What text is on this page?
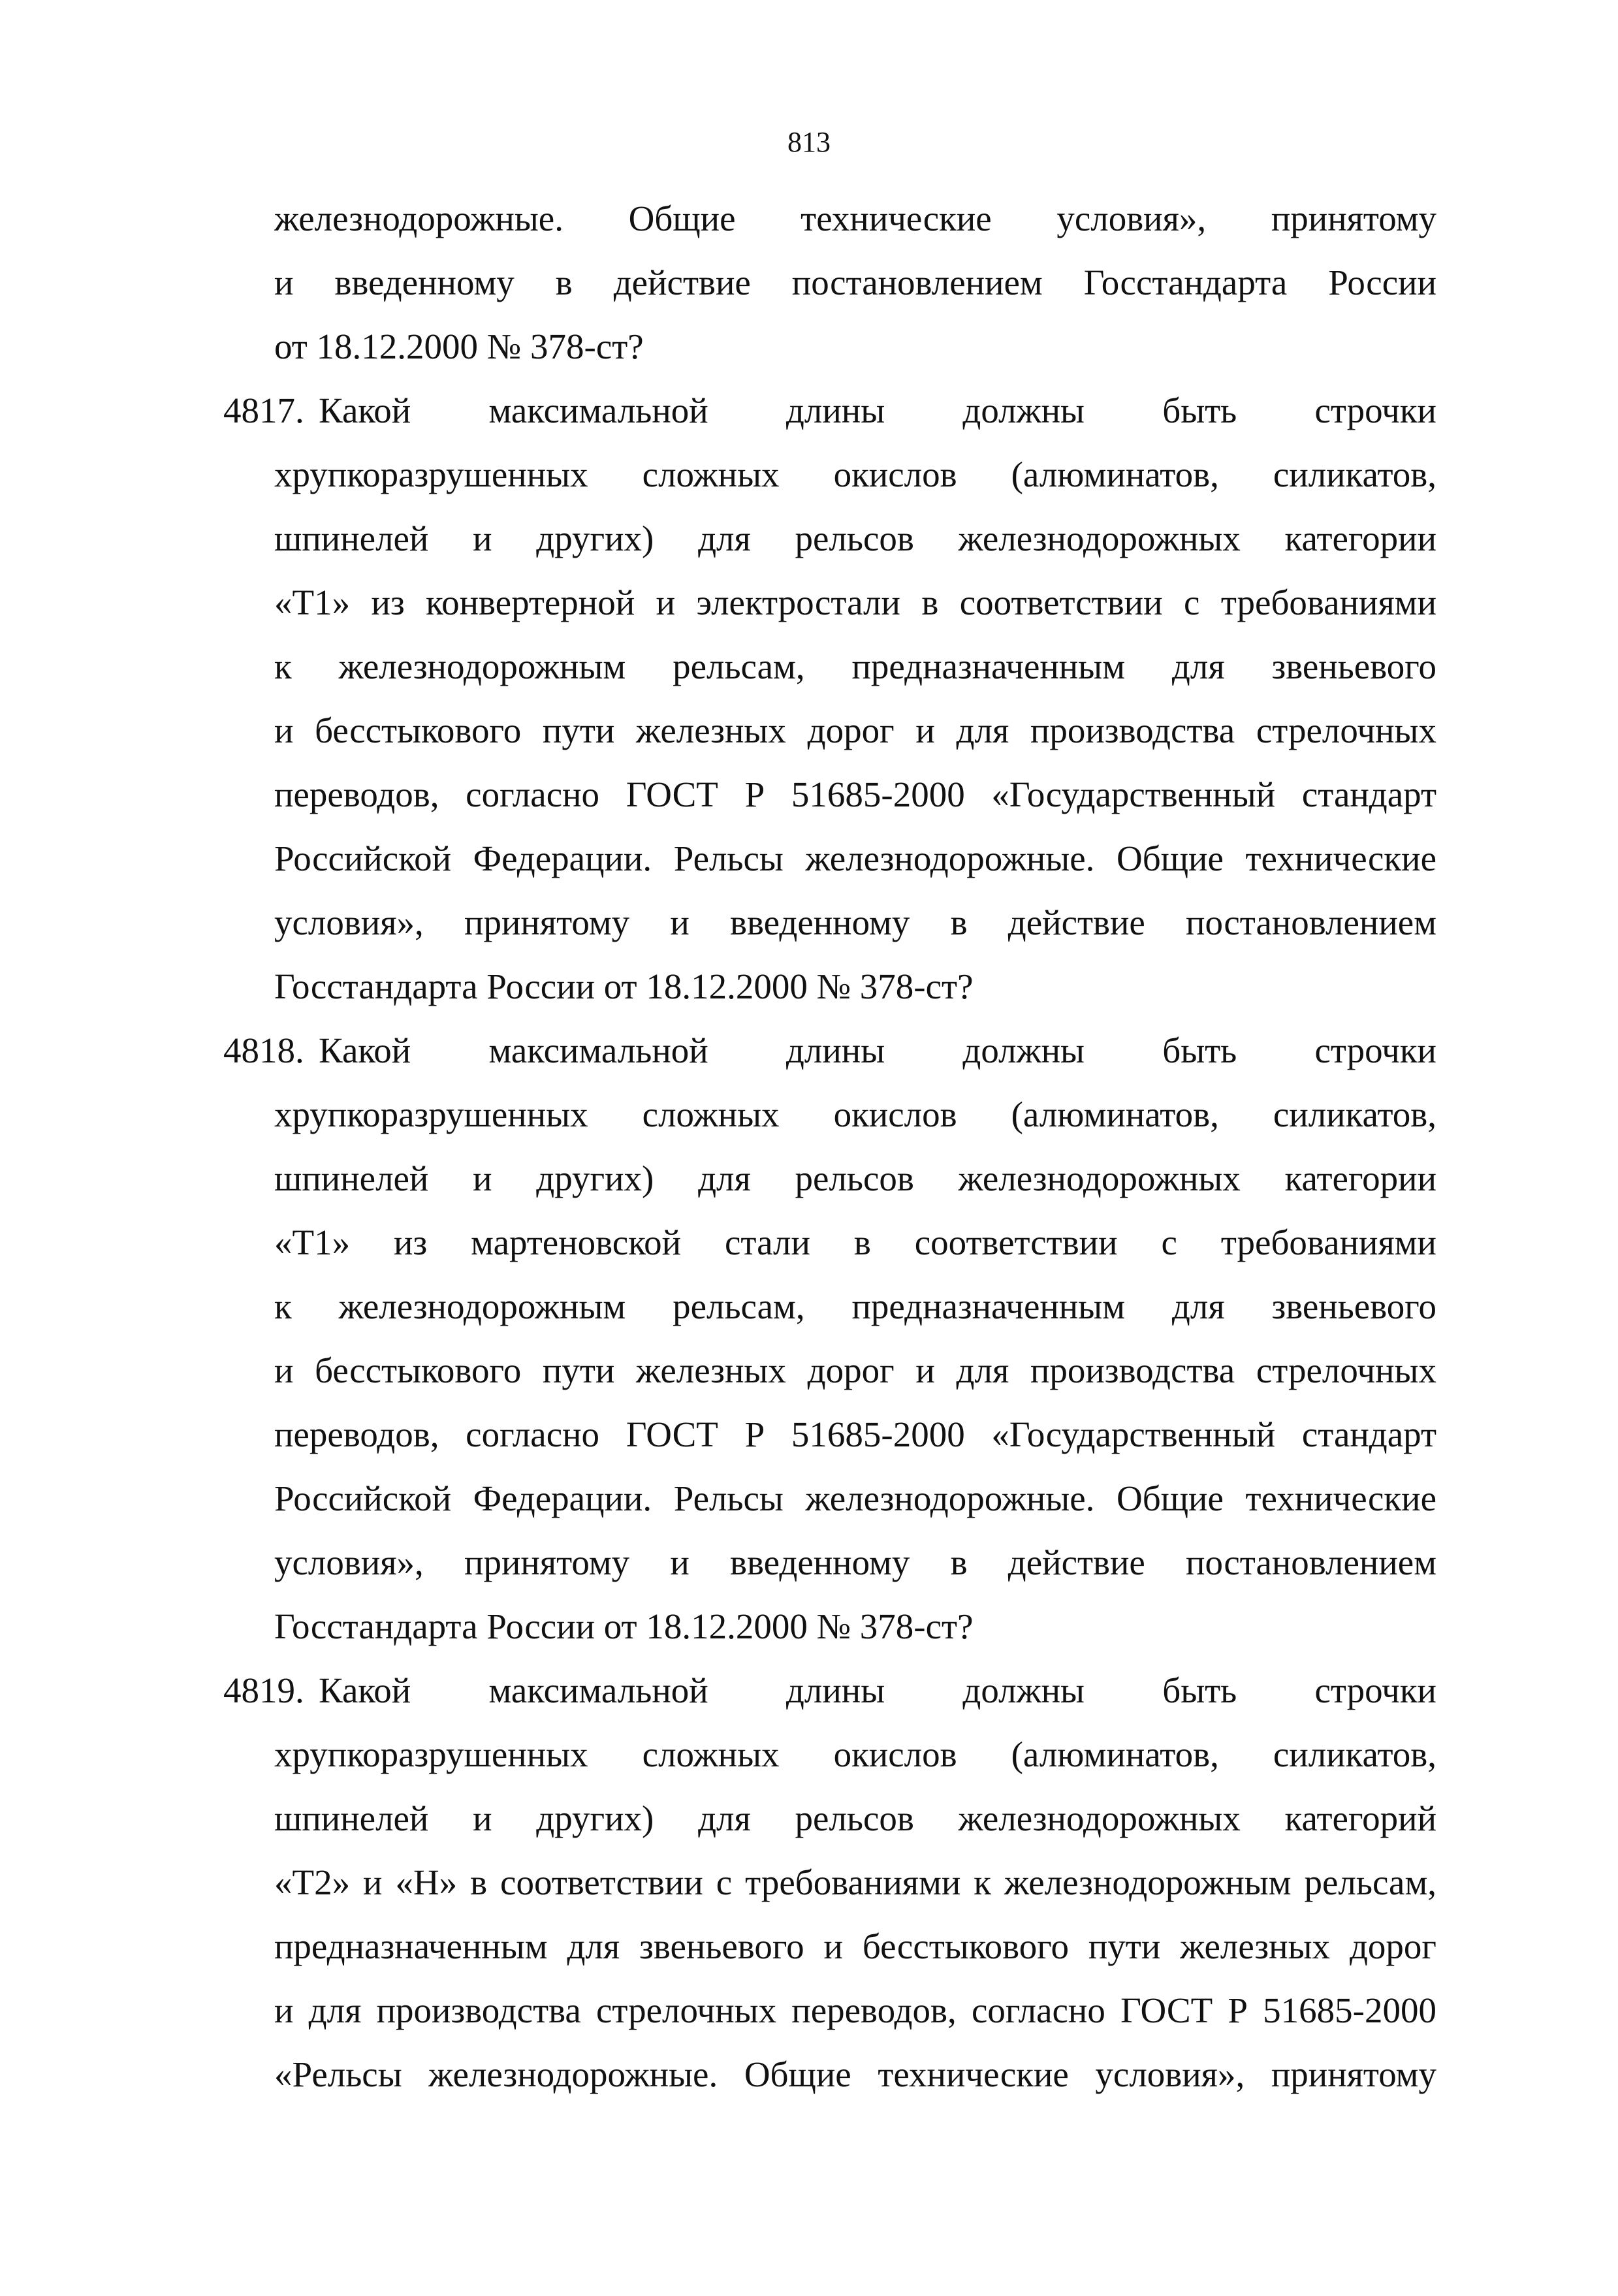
813
железнодорожные. Общие технические условия», принятому
и введенному в действие постановлением Госстандарта России
от 18.12.2000 № 378-ст?
4817. Какой максимальной длины должны быть строчки
хрупкоразрушенных сложных окислов (алюминатов, силикатов,
шпинелей и других) для рельсов железнодорожных категории
«Т1» из конвертерной и электростали в соответствии с требованиями
к железнодорожным рельсам, предназначенным для звеньевого
и бесстыкового пути железных дорог и для производства стрелочных
переводов, согласно ГОСТ Р 51685-2000 «Государственный стандарт
Российской Федерации. Рельсы железнодорожные. Общие технические
условия», принятому и введенному в действие постановлением
Госстандарта России от 18.12.2000 № 378-ст?
4818. Какой максимальной длины должны быть строчки
хрупкоразрушенных сложных окислов (алюминатов, силикатов,
шпинелей и других) для рельсов железнодорожных категории
«Т1» из мартеновской стали в соответствии с требованиями
к железнодорожным рельсам, предназначенным для звеньевого
и бесстыкового пути железных дорог и для производства стрелочных
переводов, согласно ГОСТ Р 51685-2000 «Государственный стандарт
Российской Федерации. Рельсы железнодорожные. Общие технические
условия», принятому и введенному в действие постановлением
Госстандарта России от 18.12.2000 № 378-ст?
4819. Какой максимальной длины должны быть строчки
хрупкоразрушенных сложных окислов (алюминатов, силикатов,
шпинелей и других) для рельсов железнодорожных категорий
«Т2» и «Н» в соответствии с требованиями к железнодорожным рельсам,
предназначенным для звеньевого и бесстыкового пути железных дорог
и для производства стрелочных переводов, согласно ГОСТ Р 51685-2000
«Рельсы железнодорожные. Общие технические условия», принятому
